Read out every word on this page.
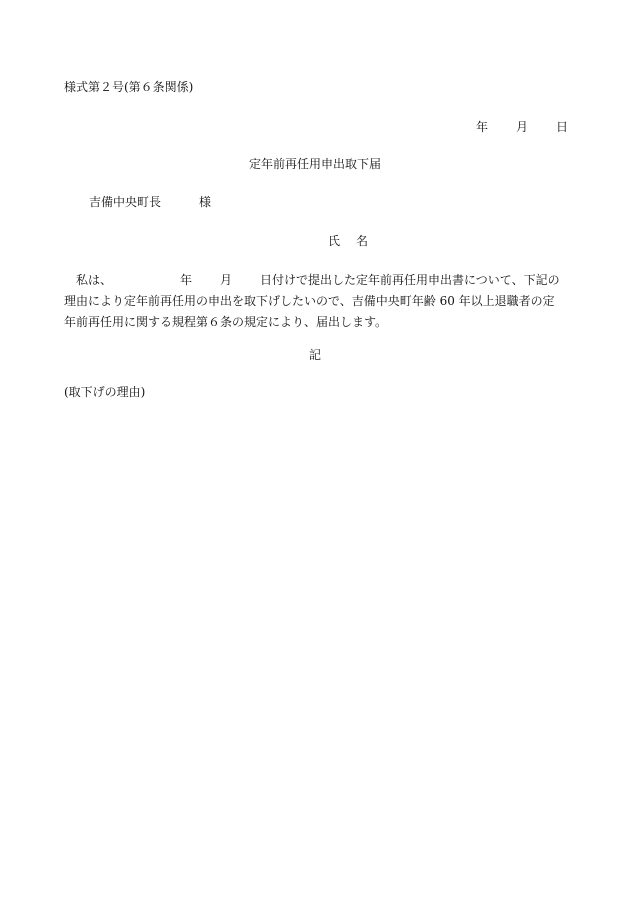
様式第２号(第６条関係)
年 月 日
定年前再任用申出取下届
吉備中央町長	様
氏 名
私は、	年 月 日付けで提出した定年前再任用申出書について、下記の
理由により定年前再任用の申出を取下げしたいので、吉備中央町年齢 60 年以上退職者の定
年前再任用に関する規程第６条の規定により、届出します。
記
(取下げの理由)
